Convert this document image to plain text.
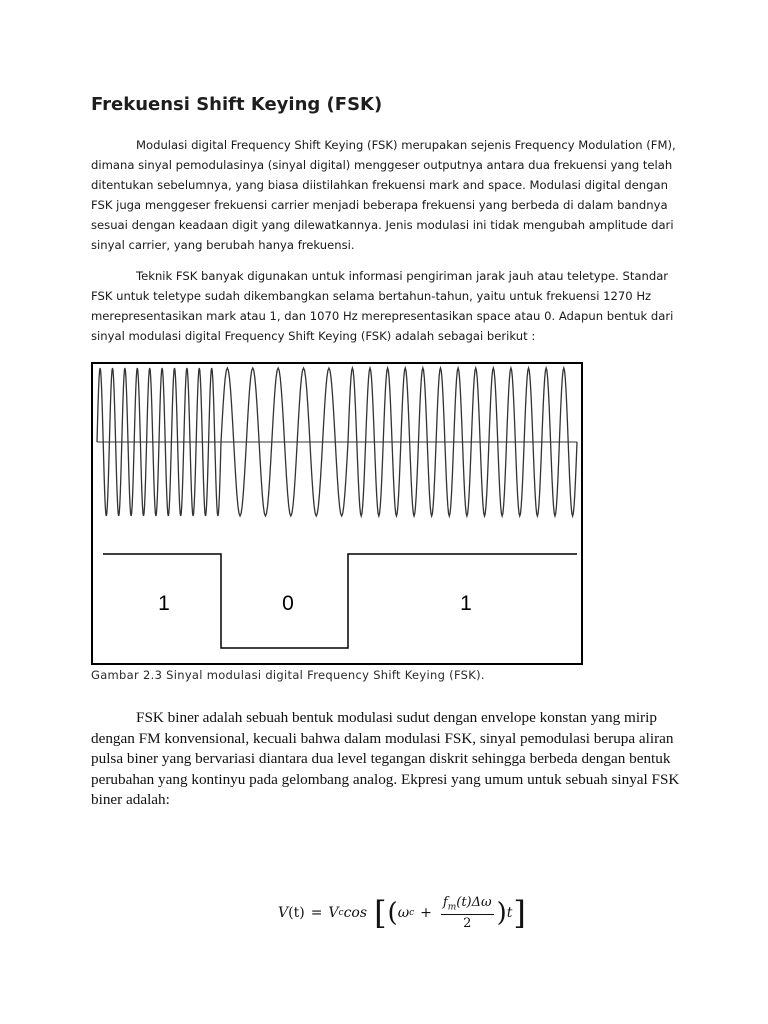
Frekuensi Shift Keying (FSK)

Modulasi digital Frequency Shift Keying (FSK) merupakan sejenis Frequency Modulation (FM), dimana sinyal pemodulasinya (sinyal digital) menggeser outputnya antara dua frekuensi yang telah ditentukan sebelumnya, yang biasa diistilahkan frekuensi mark and space. Modulasi digital dengan FSK juga menggeser frekuensi carrier menjadi beberapa frekuensi yang berbeda di dalam bandnya sesuai dengan keadaan digit yang dilewatkannya. Jenis modulasi ini tidak mengubah amplitude dari sinyal carrier, yang berubah hanya frekuensi.

Teknik FSK banyak digunakan untuk informasi pengiriman jarak jauh atau teletype. Standar FSK untuk teletype sudah dikembangkan selama bertahun-tahun, yaitu untuk frekuensi 1270 Hz merepresentasikan mark atau 1, dan 1070 Hz merepresentasikan space atau 0. Adapun bentuk dari sinyal modulasi digital Frequency Shift Keying (FSK) adalah sebagai berikut :

1	0	1

Gambar 2.3 Sinyal modulasi digital Frequency Shift Keying (FSK).

FSK biner adalah sebuah bentuk modulasi sudut dengan envelope konstan yang mirip dengan FM konvensional, kecuali bahwa dalam modulasi FSK, sinyal pemodulasi berupa aliran pulsa biner yang bervariasi diantara dua level tegangan diskrit sehingga berbeda dengan bentuk perubahan yang kontinyu pada gelombang analog. Ekpresi yang umum untuk sebuah sinyal FSK biner adalah:

V (t) = V c cos [ ( ω $c + \frac{f_m(t)\Delta\omega}{2}$ ) t ]
